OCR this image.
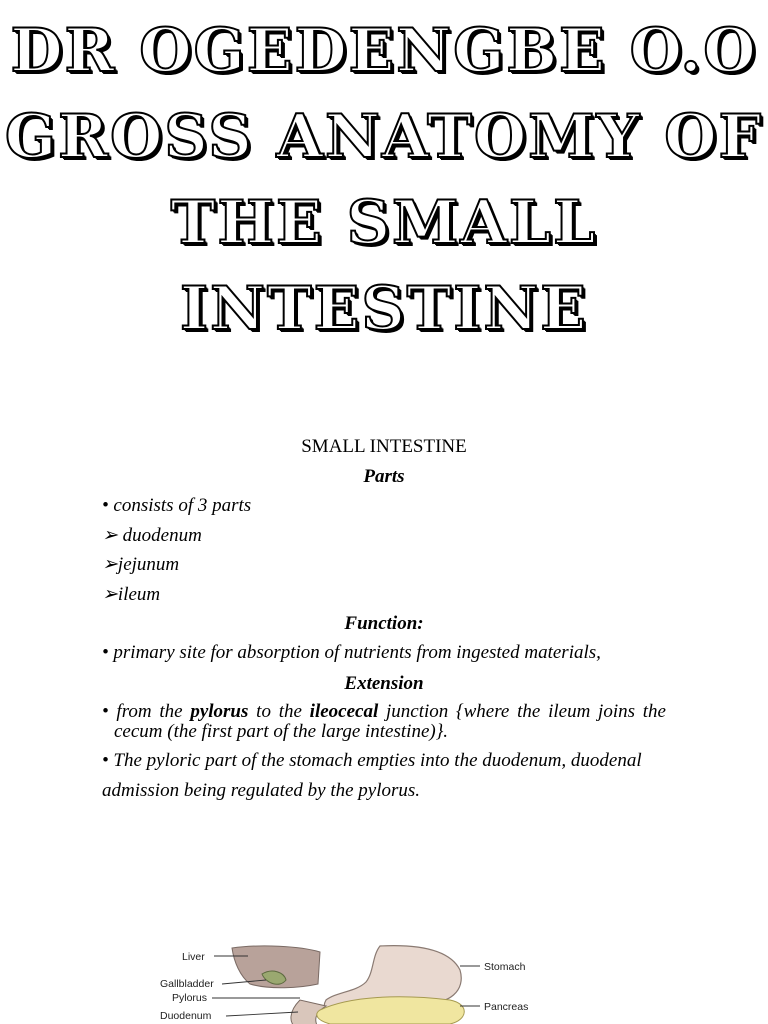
DR OGEDENGBE O.O
GROSS ANATOMY OF
THE SMALL
INTESTINE
SMALL INTESTINE
Parts
• consists of 3 parts
➢ duodenum
➢jejunum
➢ileum
Function:
• primary site for absorption of nutrients from ingested materials,
Extension
• from the pylorus to the ileocecal junction {where the ileum joins the cecum (the first part of the large intestine)}.
• The pyloric part of the stomach empties into the duodenum, duodenal admission being regulated by the pylorus.
Liver
Gallbladder
Pylorus
Duodenum
Stomach
Pancreas
